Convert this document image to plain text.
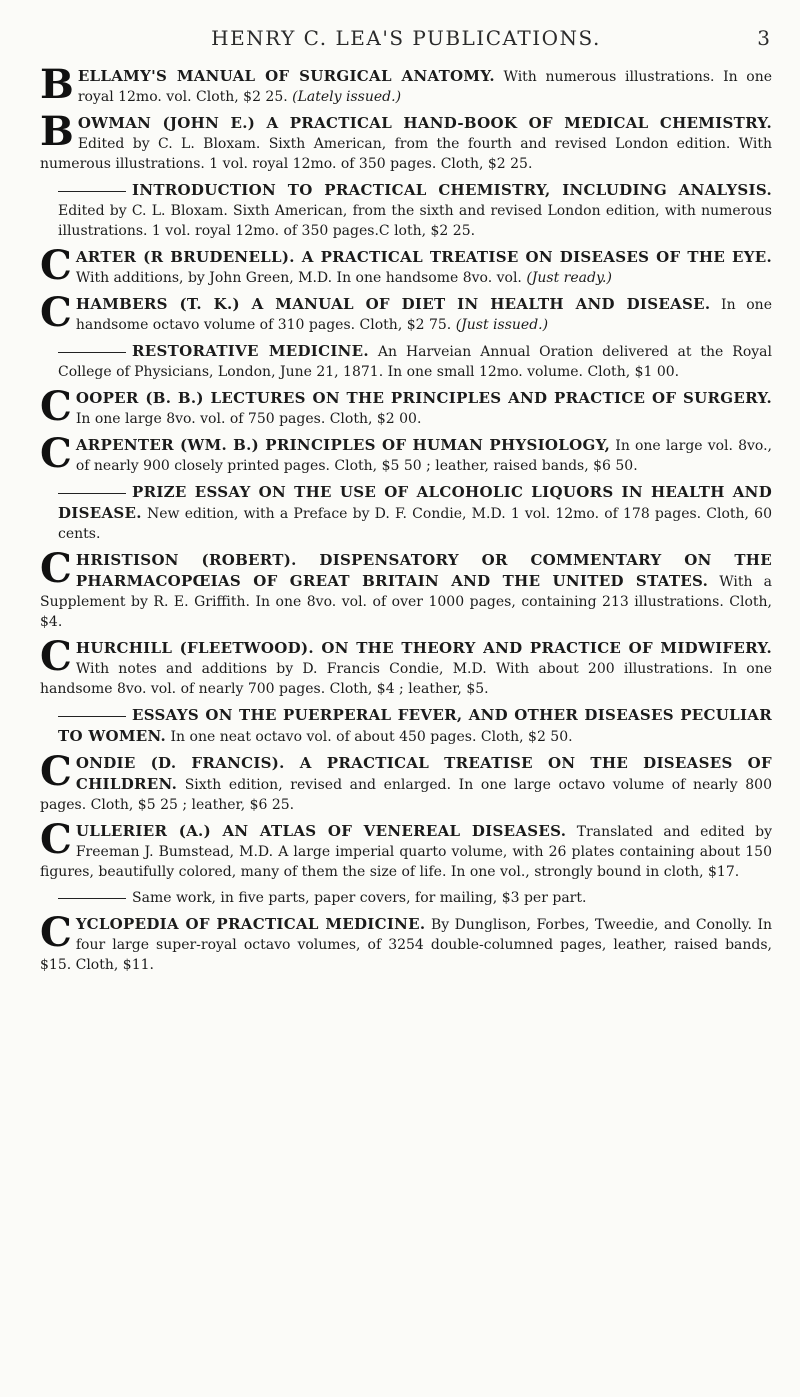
HENRY C. LEA'S PUBLICATIONS.	3
BELLAMY'S MANUAL OF SURGICAL ANATOMY. With numerous illustrations. In one royal 12mo. vol. Cloth, $2 25. (Lately issued.)
BOWMAN (JOHN E.) A PRACTICAL HAND-BOOK OF MEDICAL CHEMISTRY. Edited by C. L. Bloxam. Sixth American, from the fourth and revised London edition. With numerous illustrations. 1 vol. royal 12mo. of 350 pages. Cloth, $2 25.
INTRODUCTION TO PRACTICAL CHEMISTRY, INCLUDING ANALYSIS. Edited by C. L. Bloxam. Sixth American, from the sixth and revised London edition, with numerous illustrations. 1 vol. royal 12mo. of 350 pages.C loth, $2 25.
CARTER (R BRUDENELL). A PRACTICAL TREATISE ON DISEASES OF THE EYE. With additions, by John Green, M.D. In one handsome 8vo. vol. (Just ready.)
CHAMBERS (T. K.) A MANUAL OF DIET IN HEALTH AND DISEASE. In one handsome octavo volume of 310 pages. Cloth, $2 75. (Just issued.)
RESTORATIVE MEDICINE. An Harveian Annual Oration delivered at the Royal College of Physicians, London, June 21, 1871. In one small 12mo. volume. Cloth, $1 00.
COOPER (B. B.) LECTURES ON THE PRINCIPLES AND PRACTICE OF SURGERY. In one large 8vo. vol. of 750 pages. Cloth, $2 00.
CARPENTER (WM. B.) PRINCIPLES OF HUMAN PHYSIOLOGY, In one large vol. 8vo., of nearly 900 closely printed pages. Cloth, $5 50 ; leather, raised bands, $6 50.
PRIZE ESSAY ON THE USE OF ALCOHOLIC LIQUORS IN HEALTH AND DISEASE. New edition, with a Preface by D. F. Condie, M.D. 1 vol. 12mo. of 178 pages. Cloth, 60 cents.
CHRISTISON (ROBERT). DISPENSATORY OR COMMENTARY ON THE PHARMACOPŒIAS OF GREAT BRITAIN AND THE UNITED STATES. With a Supplement by R. E. Griffith. In one 8vo. vol. of over 1000 pages, containing 213 illustrations. Cloth, $4.
CHURCHILL (FLEETWOOD). ON THE THEORY AND PRACTICE OF MIDWIFERY. With notes and additions by D. Francis Condie, M.D. With about 200 illustrations. In one handsome 8vo. vol. of nearly 700 pages. Cloth, $4 ; leather, $5.
ESSAYS ON THE PUERPERAL FEVER, AND OTHER DISEASES PECULIAR TO WOMEN. In one neat octavo vol. of about 450 pages. Cloth, $2 50.
CONDIE (D. FRANCIS). A PRACTICAL TREATISE ON THE DISEASES OF CHILDREN. Sixth edition, revised and enlarged. In one large octavo volume of nearly 800 pages. Cloth, $5 25 ; leather, $6 25.
CULLERIER (A.) AN ATLAS OF VENEREAL DISEASES. Translated and edited by Freeman J. Bumstead, M.D. A large imperial quarto volume, with 26 plates containing about 150 figures, beautifully colored, many of them the size of life. In one vol., strongly bound in cloth, $17.
Same work, in five parts, paper covers, for mailing, $3 per part.
CYCLOPEDIA OF PRACTICAL MEDICINE. By Dunglison, Forbes, Tweedie, and Conolly. In four large super-royal octavo volumes, of 3254 double-columned pages, leather, raised bands, $15. Cloth, $11.
